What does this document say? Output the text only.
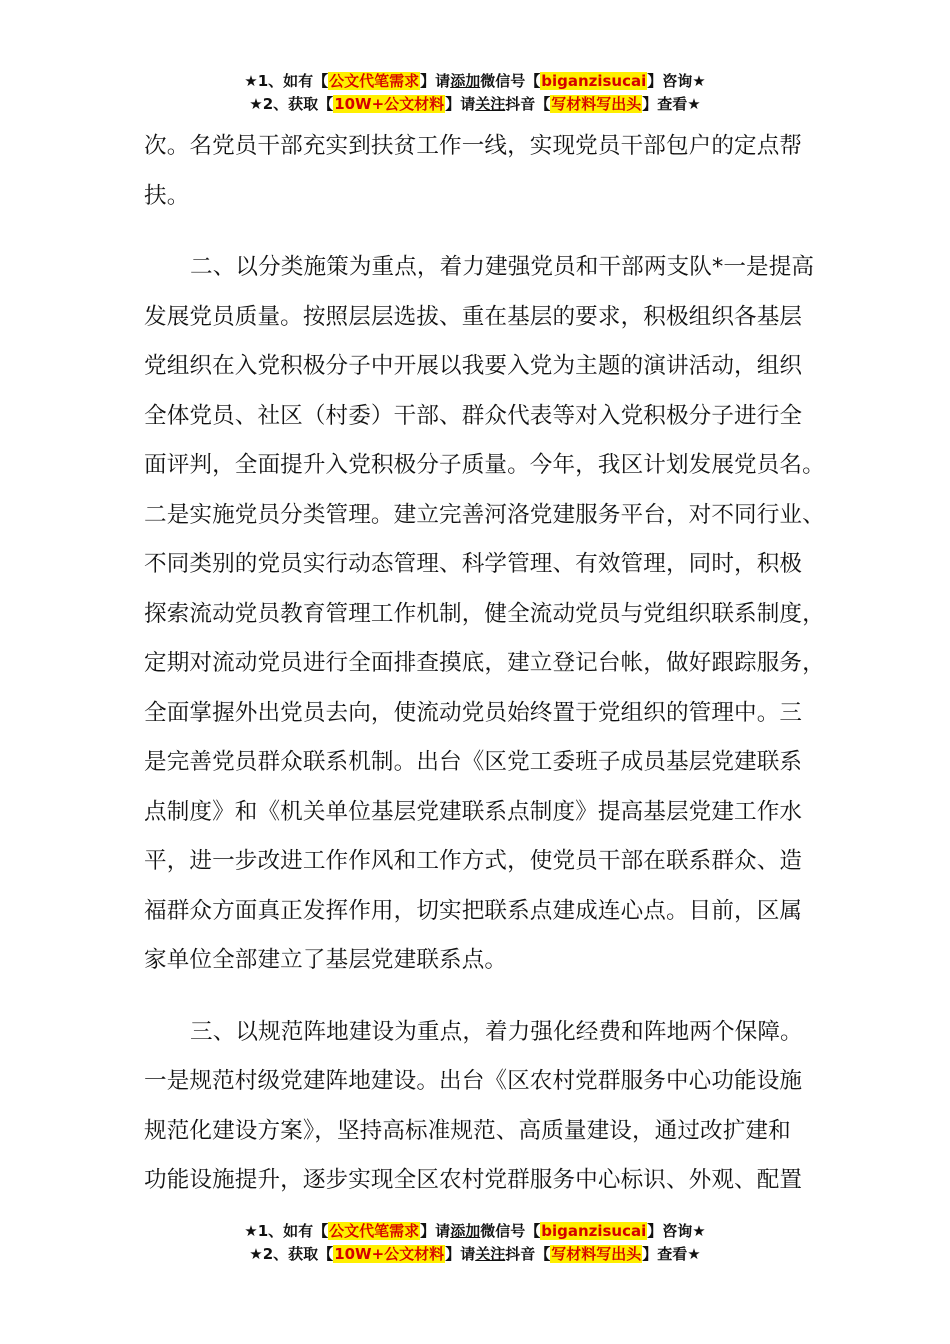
★1、如有【公文代笔需求】请添加微信号【biganzisucai】咨询★
★2、获取【10W+公文材料】请关注抖音【写材料写出头】查看★
次。名党员干部充实到扶贫工作一线，实现党员干部包户的定点帮
扶。
二、以分类施策为重点，着力建强党员和干部两支队*一是提高
发展党员质量。按照层层选拔、重在基层的要求，积极组织各基层
党组织在入党积极分子中开展以我要入党为主题的演讲活动，组织
全体党员、社区（村委）干部、群众代表等对入党积极分子进行全
面评判，全面提升入党积极分子质量。今年，我区计划发展党员名。
二是实施党员分类管理。建立完善河洛党建服务平台，对不同行业、
不同类别的党员实行动态管理、科学管理、有效管理，同时，积极
探索流动党员教育管理工作机制，健全流动党员与党组织联系制度，
定期对流动党员进行全面排查摸底，建立登记台帐，做好跟踪服务，
全面掌握外出党员去向，使流动党员始终置于党组织的管理中。三
是完善党员群众联系机制。出台《区党工委班子成员基层党建联系
点制度》和《机关单位基层党建联系点制度》提高基层党建工作水
平，进一步改进工作作风和工作方式，使党员干部在联系群众、造
福群众方面真正发挥作用，切实把联系点建成连心点。目前，区属
家单位全部建立了基层党建联系点。
三、以规范阵地建设为重点，着力强化经费和阵地两个保障。
一是规范村级党建阵地建设。出台《区农村党群服务中心功能设施
规范化建设方案》，坚持高标准规范、高质量建设，通过改扩建和
功能设施提升，逐步实现全区农村党群服务中心标识、外观、配置
★1、如有【公文代笔需求】请添加微信号【biganzisucai】咨询★
★2、获取【10W+公文材料】请关注抖音【写材料写出头】查看★
